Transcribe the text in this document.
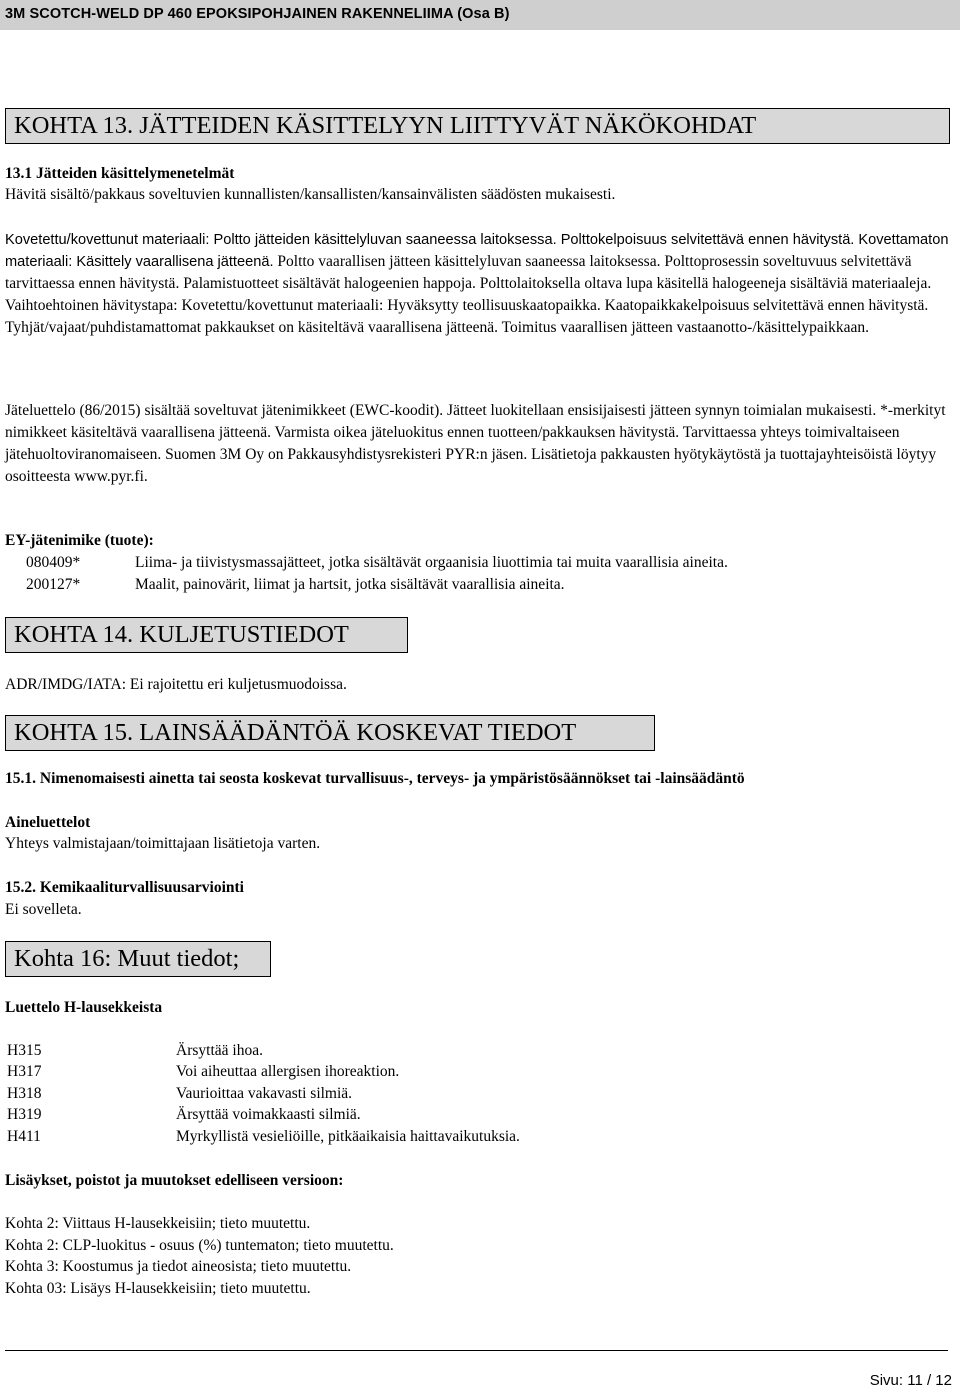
3M SCOTCH-WELD DP 460 EPOKSIPOHJAINEN RAKENNELIIMA (Osa B)
KOHTA 13. JÄTTEIDEN KÄSITTELYYN LIITTYVÄT NÄKÖKOHDAT
13.1 Jätteiden käsittelymenetelmät
Hävitä sisältö/pakkaus soveltuvien kunnallisten/kansallisten/kansainvälisten säädösten mukaisesti.

Kovetettu/kovettunut materiaali: Poltto jätteiden käsittelyluvan saaneessa laitoksessa. Polttokelpoisuus selvitettävä ennen hävitystä. Kovettamaton materiaali: Käsittely vaarallisena jätteenä. Poltto vaarallisen jätteen käsittelyluvan saaneessa laitoksessa. Polttoprosessin soveltuvuus selvitettävä tarvittaessa ennen hävitystä. Palamistuotteet sisältävät halogeenien happoja. Polttolaitoksella oltava lupa käsitellä halogeeneja sisältäviä materiaaleja. Vaihtoehtoinen hävitystapa: Kovetettu/kovettunut materiaali: Hyväksytty teollisuuskaatopaikka. Kaatopaikkakelpoisuus selvitettävä ennen hävitystä. Tyhjät/vajaat/puhdistamattomat pakkaukset on käsiteltävä vaarallisena jätteenä. Toimitus vaarallisen jätteen vastaanotto-/käsittelypaikkaan.

Jäteluettelo (86/2015) sisältää soveltuvat jätenimikkeet (EWC-koodit). Jätteet luokitellaan ensisijaisesti jätteen synnyn toimialan mukaisesti. *-merkityt nimikkeet käsiteltävä vaarallisena jätteenä. Varmista oikea jäteluokitus ennen tuotteen/pakkauksen hävitystä. Tarvittaessa yhteys toimivaltaiseen jätehuoltoviranomaiseen. Suomen 3M Oy on Pakkausyhdistysrekisteri PYR:n jäsen. Lisätietoja pakkausten hyötykäytöstä ja tuottajayhteisöistä löytyy osoitteesta www.pyr.fi.

EY-jätenimike (tuote):
080409*	Liima- ja tiivistysmassajätteet, jotka sisältävät orgaanisia liuottimia tai muita vaarallisia aineita.
200127*	Maalit, painovärit, liimat ja hartsit, jotka sisältävät vaarallisia aineita.
KOHTA 14. KULJETUSTIEDOT
ADR/IMDG/IATA: Ei rajoitettu eri kuljetusmuodoissa.
KOHTA 15. LAINSÄÄDÄNTÖÄ KOSKEVAT TIEDOT
15.1. Nimenomaisesti ainetta tai seosta koskevat turvallisuus-, terveys- ja ympäristösäännökset tai -lainsäädäntö
Aineluettelot
Yhteys valmistajaan/toimittajaan lisätietoja varten.
15.2. Kemikaaliturvallisuusarviointi
Ei sovelleta.
Kohta 16: Muut tiedot;
Luettelo H-lausekkeista
H315	Ärsyttää ihoa.
H317	Voi aiheuttaa allergisen ihoreaktion.
H318	Vaurioittaa vakavasti silmiä.
H319	Ärsyttää voimakkaasti silmiä.
H411	Myrkyllistä vesieliöille, pitkäaikaisia haittavaikutuksia.
Lisäykset, poistot ja muutokset edelliseen versioon:
Kohta 2: Viittaus H-lausekkeisiin; tieto muutettu.
Kohta 2: CLP-luokitus - osuus (%) tuntematon; tieto muutettu.
Kohta 3: Koostumus ja tiedot aineosista; tieto muutettu.
Kohta 03: Lisäys H-lausekkeisiin; tieto muutettu.
Sivu: 11 / 12
